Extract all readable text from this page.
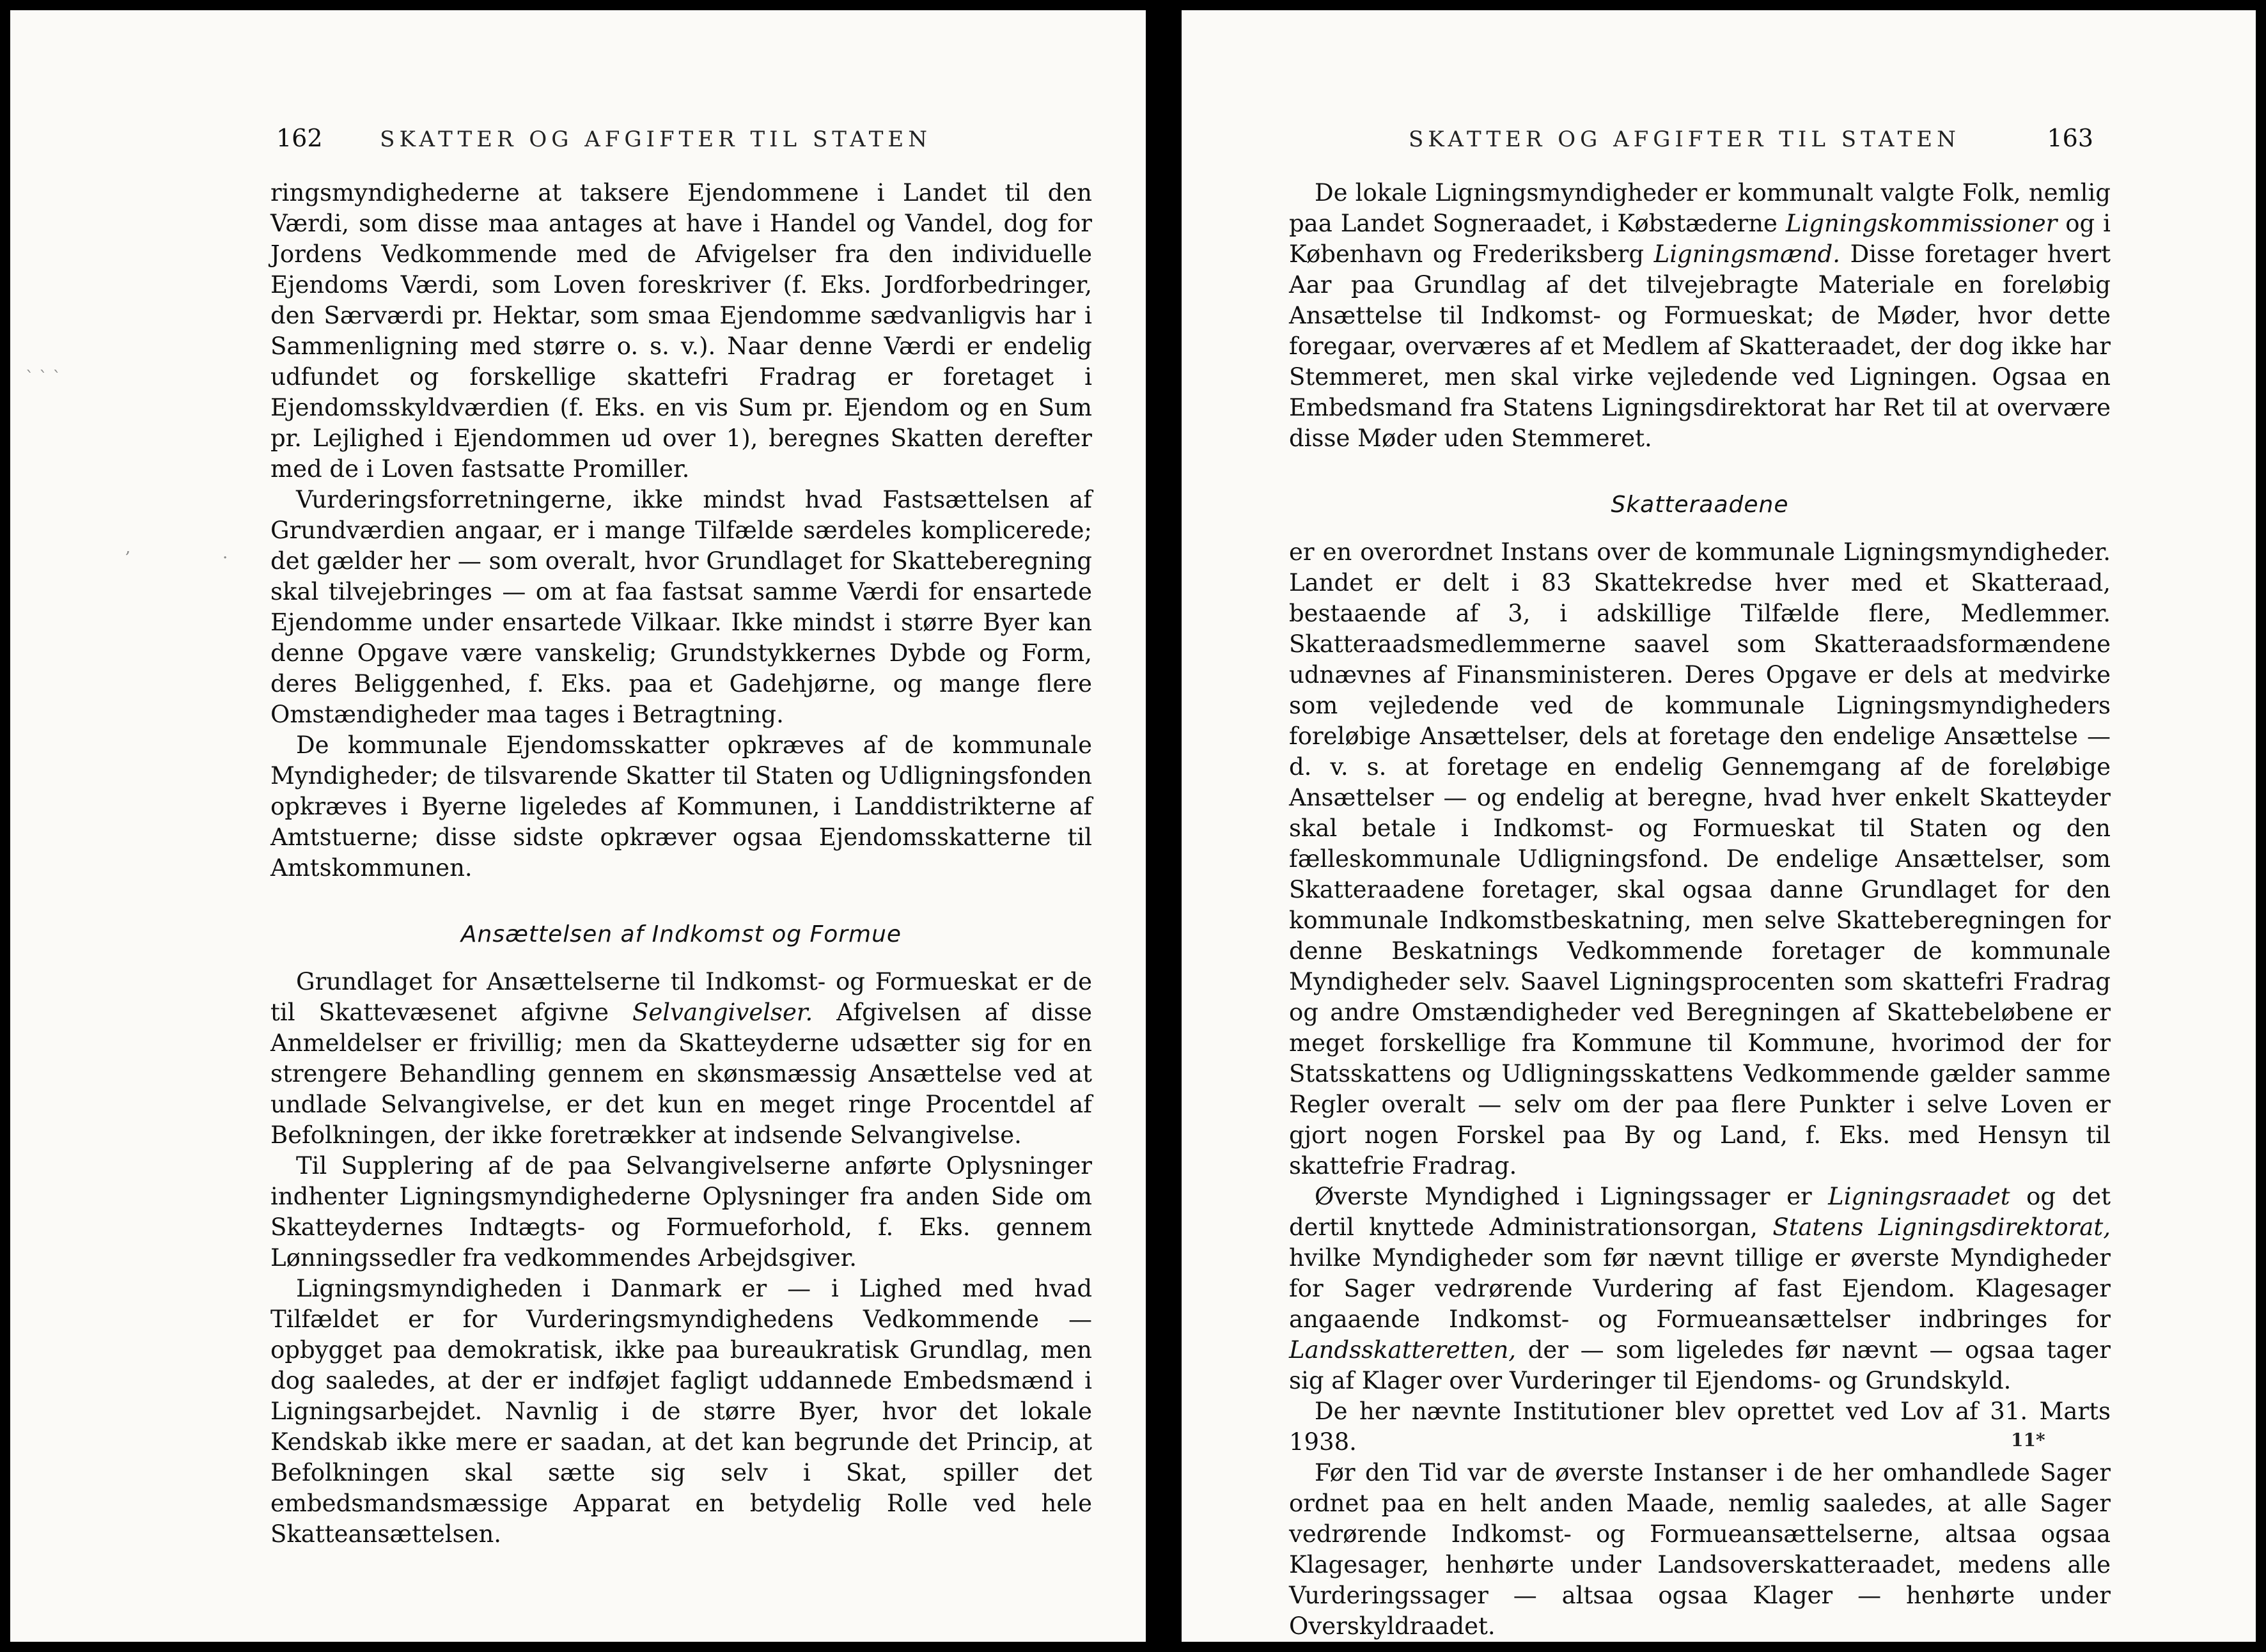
162	SKATTER OG AFGIFTER TIL STATEN
` ` `
,
·

ringsmyndighederne at taksere Ejendommene i Landet til den Værdi, som disse maa antages at have i Handel og Vandel, dog for Jordens Vedkommende med de Afvigelser fra den individuelle Ejendoms Værdi, som Loven foreskriver (f. Eks. Jordforbedringer, den Særværdi pr. Hektar, som smaa Ejendomme sædvanligvis har i Sammenligning med større o. s. v.). Naar denne Værdi er endelig udfundet og forskellige skattefri Fradrag er foretaget i Ejendomsskyldværdien (f. Eks. en vis Sum pr. Ejendom og en Sum pr. Lejlighed i Ejendommen ud over 1), beregnes Skatten derefter med de i Loven fastsatte Promiller.

Vurderingsforretningerne, ikke mindst hvad Fastsættelsen af Grundværdien angaar, er i mange Tilfælde særdeles komplicerede; det gælder her — som overalt, hvor Grundlaget for Skatteberegning skal tilvejebringes — om at faa fastsat samme Værdi for ensartede Ejendomme under ensartede Vilkaar. Ikke mindst i større Byer kan denne Opgave være vanskelig; Grundstykkernes Dybde og Form, deres Beliggenhed, f. Eks. paa et Gadehjørne, og mange flere Omstændigheder maa tages i Betragtning.

De kommunale Ejendomsskatter opkræves af de kommunale Myndigheder; de tilsvarende Skatter til Staten og Udligningsfonden opkræves i Byerne ligeledes af Kommunen, i Landdistrikterne af Amtstuerne; disse sidste opkræver ogsaa Ejendomsskatterne til Amtskommunen.

Ansættelsen af Indkomst og Formue

Grundlaget for Ansættelserne til Indkomst- og Formueskat er de til Skattevæsenet afgivne Selvangivelser. Afgivelsen af disse Anmeldelser er frivillig; men da Skatteyderne udsætter sig for en strengere Behandling gennem en skønsmæssig Ansættelse ved at undlade Selvangivelse, er det kun en meget ringe Procentdel af Befolkningen, der ikke foretrækker at indsende Selvangivelse.

Til Supplering af de paa Selvangivelserne anførte Oplysninger indhenter Ligningsmyndighederne Oplysninger fra anden Side om Skatteydernes Indtægts- og Formueforhold, f. Eks. gennem Lønningssedler fra vedkommendes Arbejdsgiver.

Ligningsmyndigheden i Danmark er — i Lighed med hvad Tilfældet er for Vurderingsmyndighedens Vedkommende — opbygget paa demokratisk, ikke paa bureaukratisk Grundlag, men dog saaledes, at der er indføjet fagligt uddannede Embedsmænd i Ligningsarbejdet. Navnlig i de større Byer, hvor det lokale Kendskab ikke mere er saadan, at det kan begrunde det Princip, at Befolkningen skal sætte sig selv i Skat, spiller det embedsmandsmæssige Apparat en betydelig Rolle ved hele Skatteansættelsen.

SKATTER OG AFGIFTER TIL STATEN	163

De lokale Ligningsmyndigheder er kommunalt valgte Folk, nemlig paa Landet Sogneraadet, i Købstæderne Ligningskommissioner og i København og Frederiksberg Ligningsmænd. Disse foretager hvert Aar paa Grundlag af det tilvejebragte Materiale en foreløbig Ansættelse til Indkomst- og Formueskat; de Møder, hvor dette foregaar, overværes af et Medlem af Skatteraadet, der dog ikke har Stemmeret, men skal virke vejledende ved Ligningen. Ogsaa en Embedsmand fra Statens Ligningsdirektorat har Ret til at overvære disse Møder uden Stemmeret.

Skatteraadene

er en overordnet Instans over de kommunale Ligningsmyndigheder. Landet er delt i 83 Skattekredse hver med et Skatteraad, bestaaende af 3, i adskillige Tilfælde flere, Medlemmer. Skatteraadsmedlemmerne saavel som Skatteraadsformændene udnævnes af Finansministeren. Deres Opgave er dels at medvirke som vejledende ved de kommunale Ligningsmyndigheders foreløbige Ansættelser, dels at foretage den endelige Ansættelse — d. v. s. at foretage en endelig Gennemgang af de foreløbige Ansættelser — og endelig at beregne, hvad hver enkelt Skatteyder skal betale i Indkomst- og Formueskat til Staten og den fælleskommunale Udligningsfond. De endelige Ansættelser, som Skatteraadene foretager, skal ogsaa danne Grundlaget for den kommunale Indkomstbeskatning, men selve Skatteberegningen for denne Beskatnings Vedkommende foretager de kommunale Myndigheder selv. Saavel Ligningsprocenten som skattefri Fradrag og andre Omstændigheder ved Beregningen af Skattebeløbene er meget forskellige fra Kommune til Kommune, hvorimod der for Statsskattens og Udligningsskattens Vedkommende gælder samme Regler overalt — selv om der paa flere Punkter i selve Loven er gjort nogen Forskel paa By og Land, f. Eks. med Hensyn til skattefrie Fradrag.

Øverste Myndighed i Ligningssager er Ligningsraadet og det dertil knyttede Administrationsorgan, Statens Ligningsdirektorat, hvilke Myndigheder som før nævnt tillige er øverste Myndigheder for Sager vedrørende Vurdering af fast Ejendom. Klagesager angaaende Indkomst- og Formueansættelser indbringes for Landsskatteretten, der — som ligeledes før nævnt — ogsaa tager sig af Klager over Vurderinger til Ejendoms- og Grundskyld.

De her nævnte Institutioner blev oprettet ved Lov af 31. Marts 1938.

Før den Tid var de øverste Instanser i de her omhandlede Sager ordnet paa en helt anden Maade, nemlig saaledes, at alle Sager vedrørende Indkomst- og Formueansættelserne, altsaa ogsaa Klagesager, henhørte under Landsoverskatteraadet, medens alle Vurderingssager — altsaa ogsaa Klager — henhørte under Overskyldraadet.

11*
